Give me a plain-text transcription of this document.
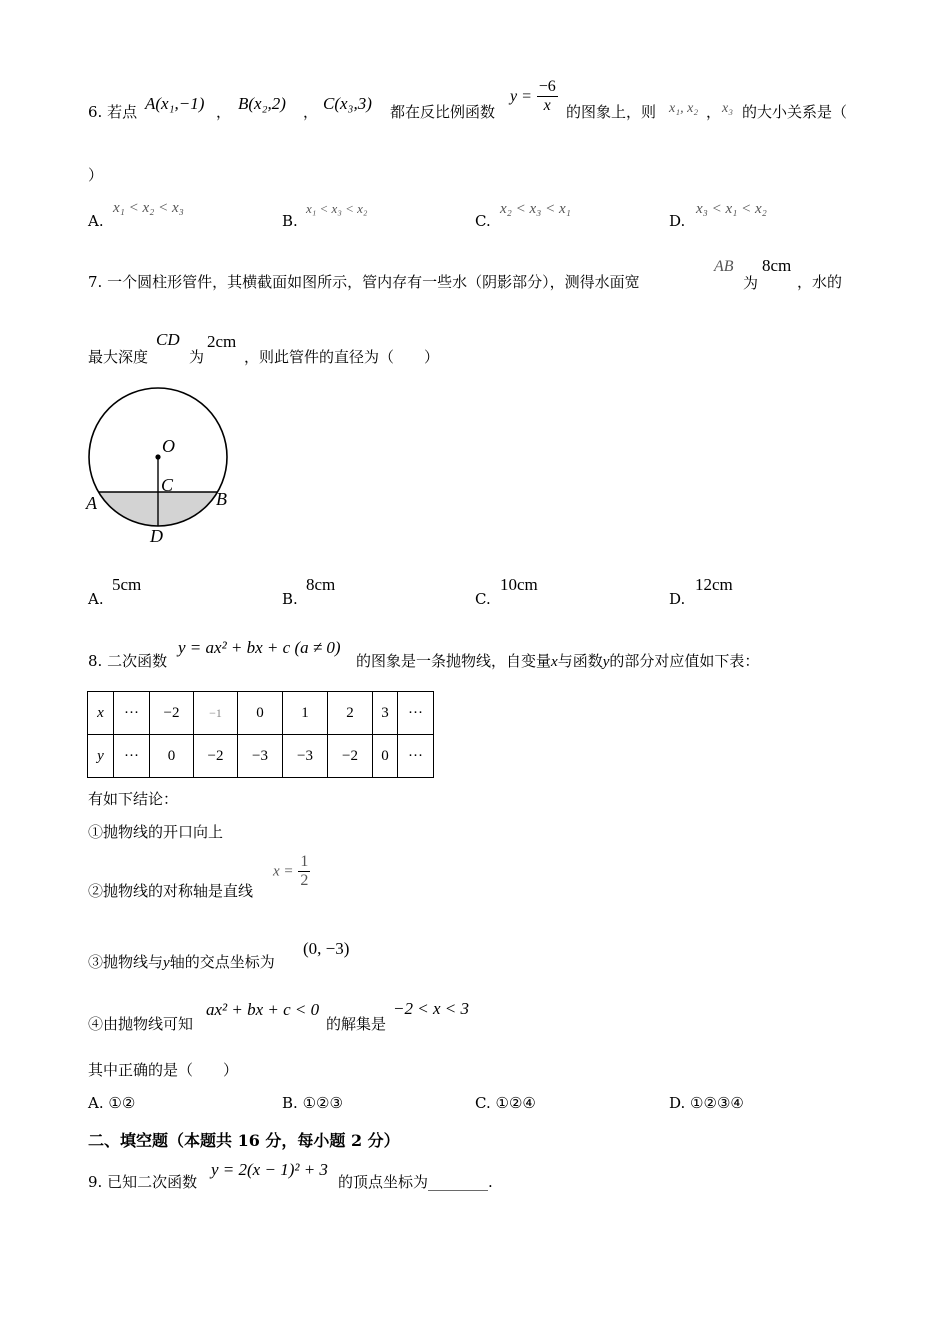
6. 若点 A(x₁,−1) ， B(x₂,2) ， C(x₃,3) 都在反比例函数
$y = \frac{-6}{x}$ 的图象上，则 x₁, x₂ ， x₃ 的大小关系是（
）
A.
x₁ < x₂ < x₃
B.
x₁ < x₃ < x₂
C.
x₂ < x₃ < x₁
D.
x₃ < x₁ < x₂
7. 一个圆柱形管件，其横截面如图所示，管内存有一些水（阴影部分），测得水面宽
AB
为
8cm
，水的
最大深度
CD
为
2cm
，则此管件的直径为（　　）
O
C
A	B
D
A.
5cm
B.
8cm
C.
10cm
D.
12cm
8. 二次函数
y = ax² + bx + c (a ≠ 0)
的图象是一条抛物线，自变量x与函数y的部分对应值如下表：
x	···	−2	−1	0	1	2	3	···
y	···	0	−2	−3	−3	−2	0	···
有如下结论：
①抛物线的开口向上
②抛物线的对称轴是直线
$x = \frac{1}{2}$
③抛物线与y轴的交点坐标为
(0, −3)
④由抛物线可知
ax² + bx + c < 0
的解集是
−2 < x < 3
其中正确的是（　　）
A. ①②	B. ①②③	C. ①②④	D. ①②③④
二、填空题（本题共 16 分，每小题 2 分）
9. 已知二次函数
y = 2(x − 1)² + 3
的顶点坐标为________.
